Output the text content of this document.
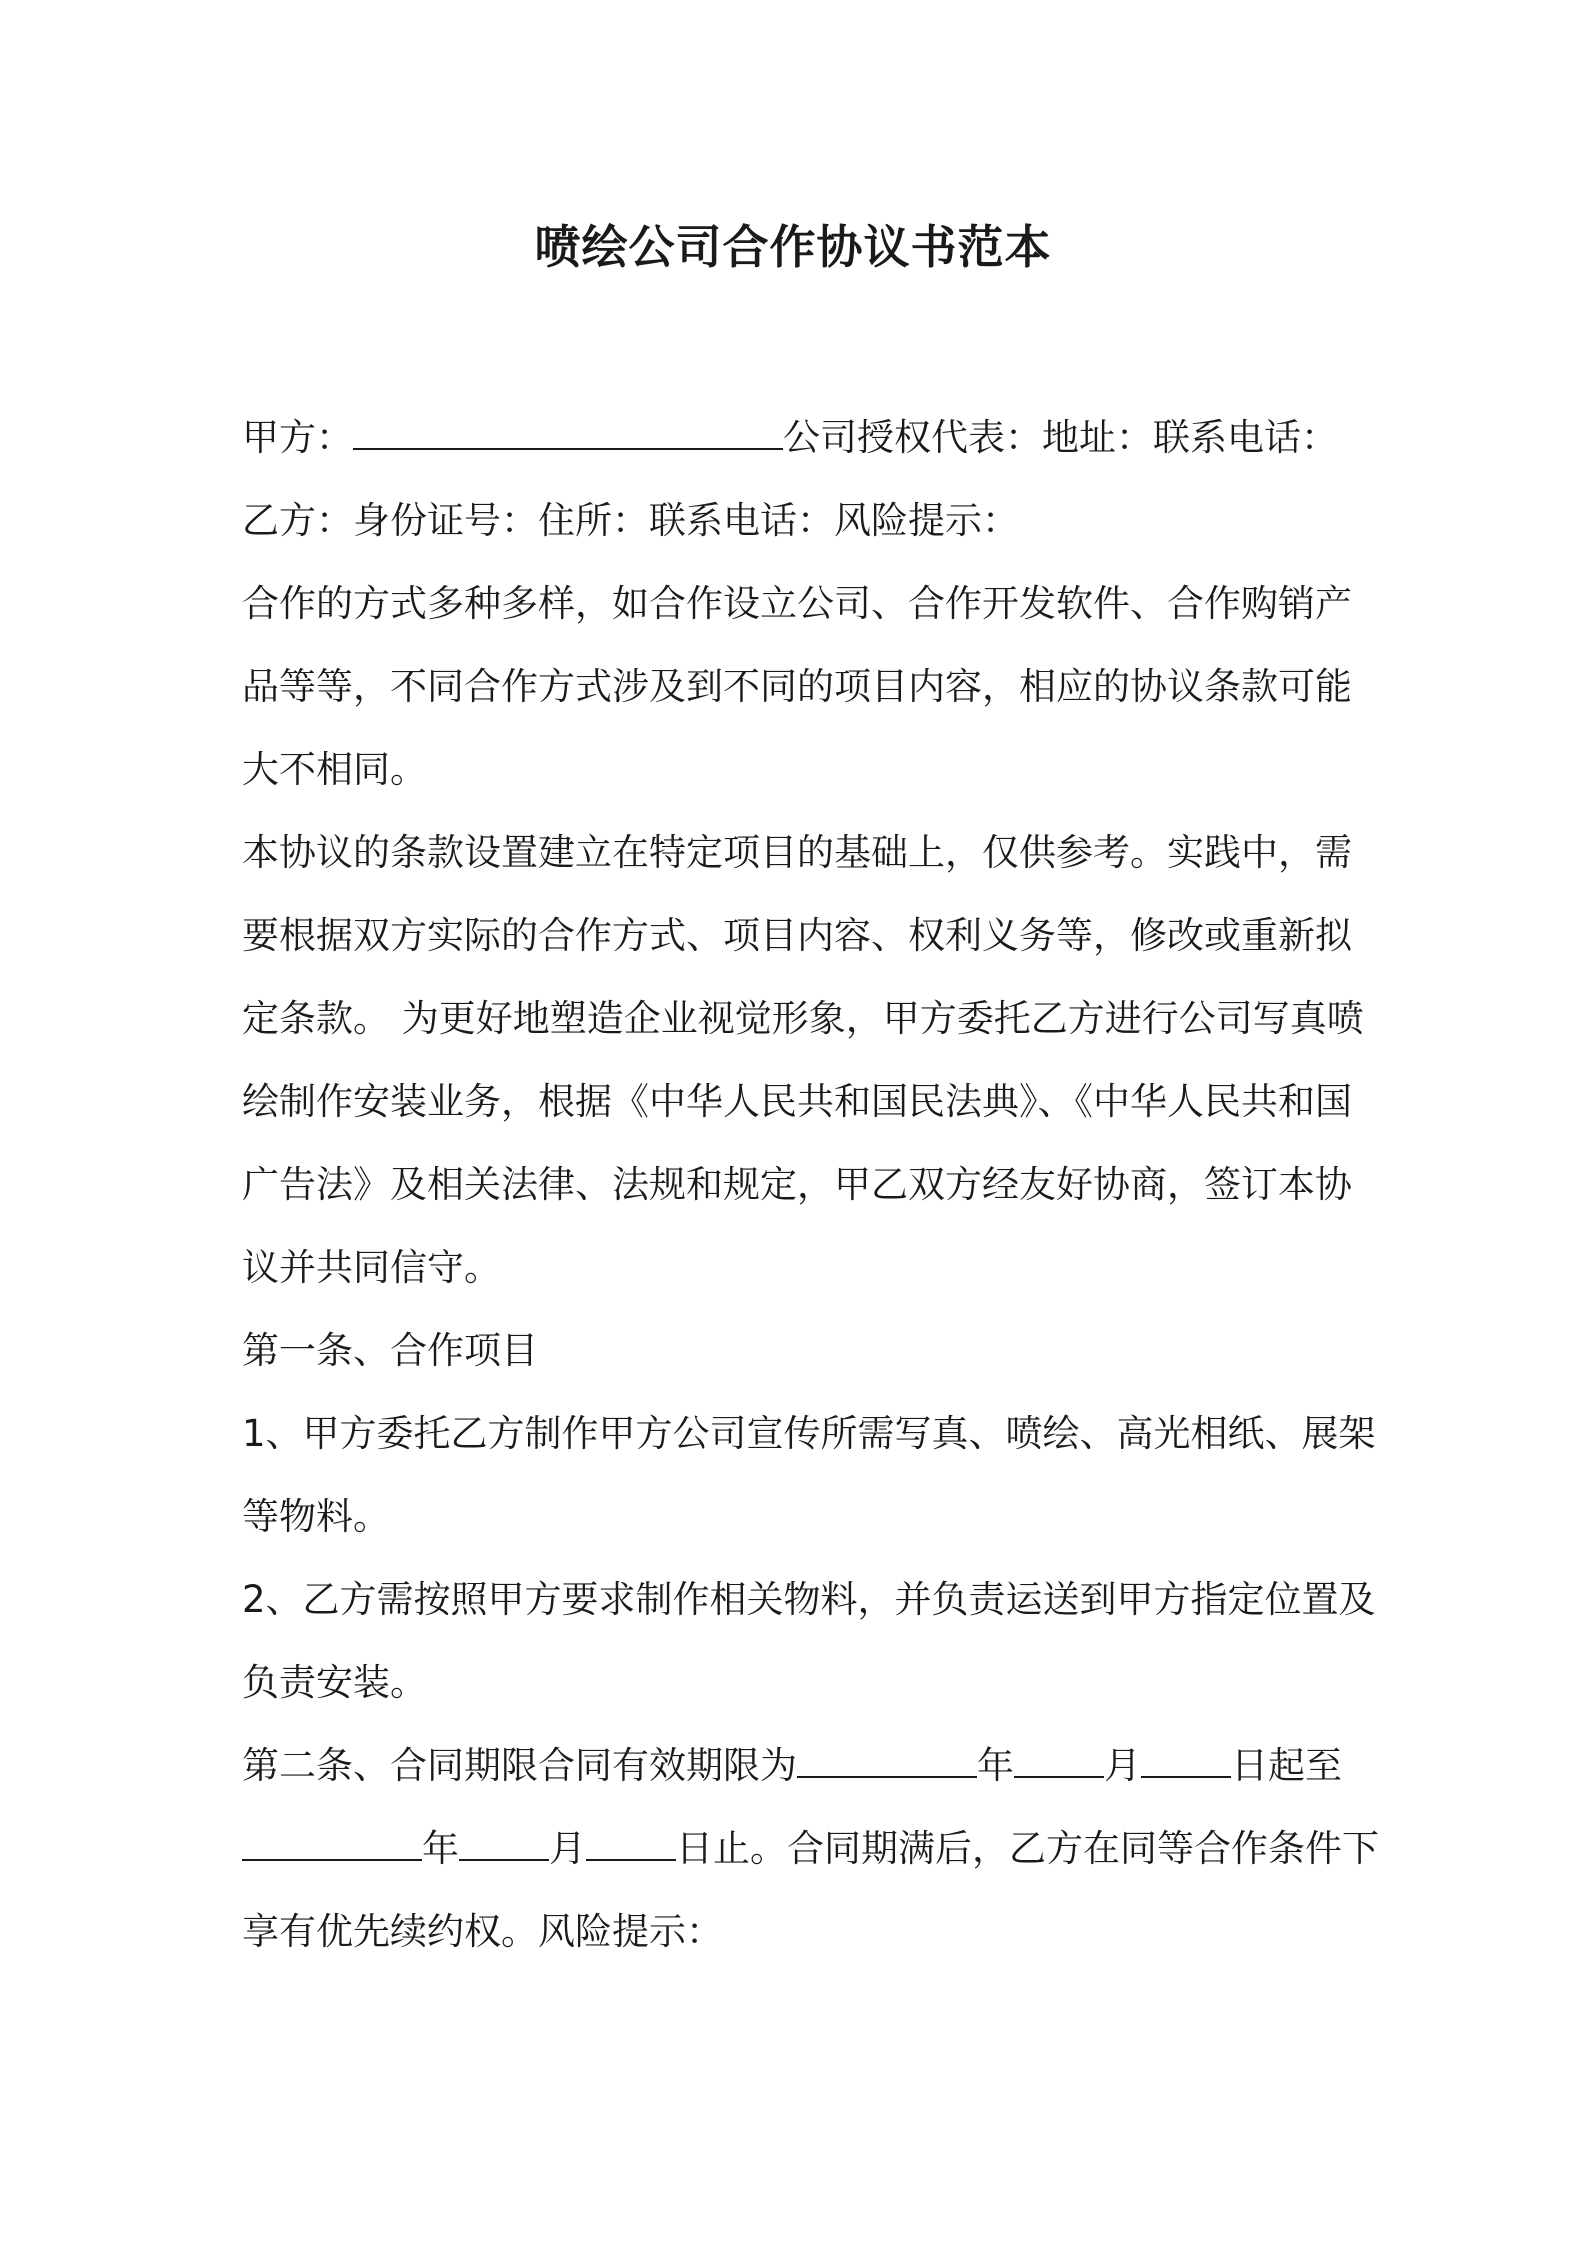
喷绘公司合作协议书范本

甲方：	公司授权代表：地址：联系电话：

乙方：身份证号：住所：联系电话：风险提示：

合作的方式多种多样，如合作设立公司、合作开发软件、合作购销产品等等，不同合作方式涉及到不同的项目内容，相应的协议条款可能大不相同。

本协议的条款设置建立在特定项目的基础上，仅供参考。实践中，需要根据双方实际的合作方式、项目内容、权利义务等，修改或重新拟定条款。 为更好地塑造企业视觉形象，甲方委托乙方进行公司写真喷绘制作安装业务，根据《中华人民共和国民法典》、《中华人民共和国广告法》及相关法律、法规和规定，甲乙双方经友好协商，签订本协议并共同信守。

第一条、合作项目

1、甲方委托乙方制作甲方公司宣传所需写真、喷绘、高光相纸、展架等物料。

2、乙方需按照甲方要求制作相关物料，并负责运送到甲方指定位置及负责安装。

第二条、合同期限合同有效期限为	年 月 日起至年 月 日止。合同期满后，乙方在同等合作条件下享有优先续约权。风险提示：
